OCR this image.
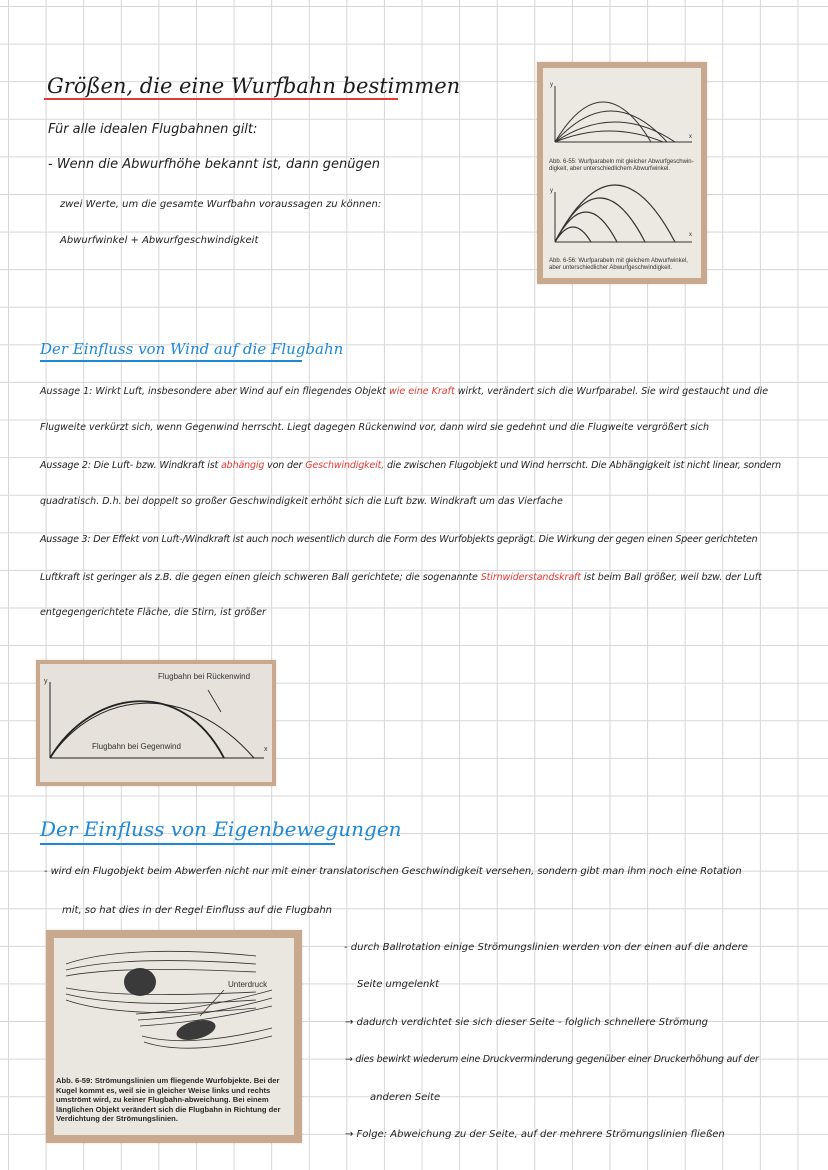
Größen, die eine Wurfbahn bestimmen
Für alle idealen Flugbahnen gilt:
- Wenn die Abwurfhöhe bekannt ist, dann genügen
zwei Werte, um die gesamte Wurfbahn voraussagen zu können:
Abwurfwinkel + Abwurfgeschwindigkeit
y
x
y
x
Abb. 6-55: Wurfparabeln mit gleicher Abwurfgeschwin-digkeit, aber unterschiedlichem Abwurfwinkel.
Abb. 6-56: Wurfparabeln mit gleichem Abwurfwinkel, aber unterschiedlicher Abwurfgeschwindigkeit.
Der Einfluss von Wind auf die Flugbahn
Aussage 1: Wirkt Luft, insbesondere aber Wind auf ein fliegendes Objekt wie eine Kraft wirkt, verändert sich die Wurfparabel. Sie wird gestaucht und die
Flugweite verkürzt sich, wenn Gegenwind herrscht. Liegt dagegen Rückenwind vor, dann wird sie gedehnt und die Flugweite vergrößert sich
Aussage 2: Die Luft- bzw. Windkraft ist abhängig von der Geschwindigkeit, die zwischen Flugobjekt und Wind herrscht. Die Abhängigkeit ist nicht linear, sondern
quadratisch. D.h. bei doppelt so großer Geschwindigkeit erhöht sich die Luft bzw. Windkraft um das Vierfache
Aussage 3: Der Effekt von Luft-/Windkraft ist auch noch wesentlich durch die Form des Wurfobjekts geprägt. Die Wirkung der gegen einen Speer gerichteten
Luftkraft ist geringer als z.B. die gegen einen gleich schweren Ball gerichtete; die sogenannte Stirnwiderstandskraft ist beim Ball größer, weil bzw. der Luft
entgegengerichtete Fläche, die Stirn, ist größer
Flugbahn bei Rückenwind
Flugbahn bei Gegenwind
y
x
Der Einfluss von Eigenbewegungen
- wird ein Flugobjekt beim Abwerfen nicht nur mit einer translatorischen Geschwindigkeit versehen, sondern gibt man ihm noch eine Rotation
mit, so hat dies in der Regel Einfluss auf die Flugbahn
Unterdruck
Abb. 6-59: Strömungslinien um fliegende Wurfobjekte. Bei der Kugel kommt es, weil sie in gleicher Weise links und rechts umströmt wird, zu keiner Flugbahn-abweichung. Bei einem länglichen Objekt verändert sich die Flugbahn in Richtung der Verdichtung der Strömungslinien.
- durch Ballrotation einige Strömungslinien werden von der einen auf die andere
Seite umgelenkt
→ dadurch verdichtet sie sich dieser Seite - folglich schnellere Strömung
→ dies bewirkt wiederum eine Druckverminderung gegenüber einer Druckerhöhung auf der
anderen Seite
→ Folge: Abweichung zu der Seite, auf der mehrere Strömungslinien fließen
